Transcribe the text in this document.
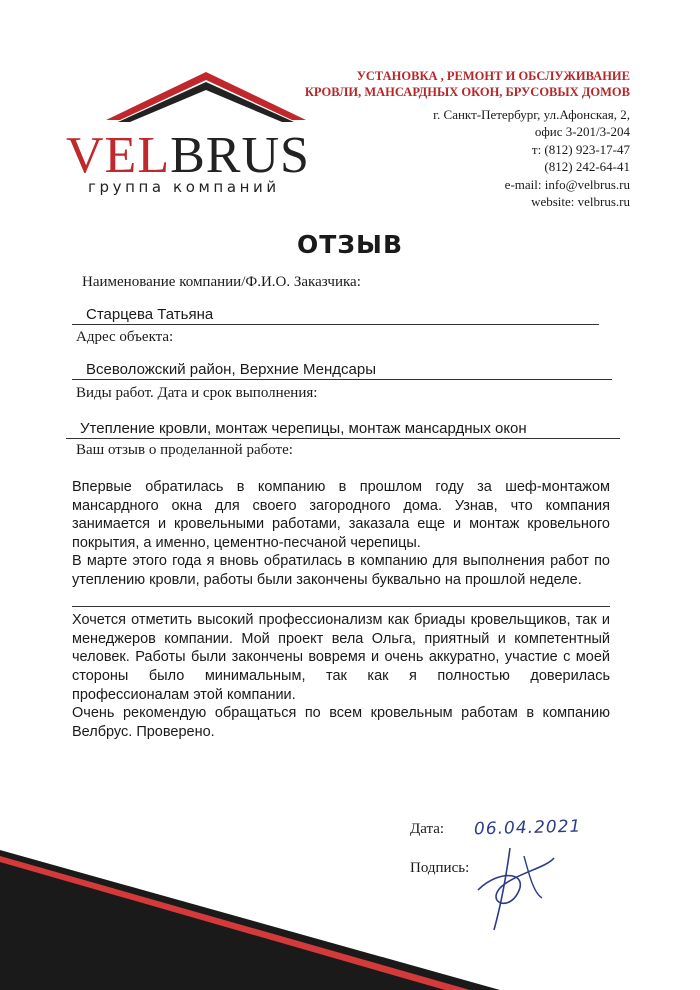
VELBRUS
группа компаний
УСТАНОВКА , РЕМОНТ И ОБСЛУЖИВАНИЕ
КРОВЛИ, МАНСАРДНЫХ ОКОН, БРУСОВЫХ ДОМОВ
г. Санкт-Петербург, ул.Афонская, 2,
офис 3-201/3-204
т: (812) 923-17-47
(812) 242-64-41
e-mail: info@velbrus.ru
website: velbrus.ru
ОТЗЫВ
Наименование компании/Ф.И.О. Заказчика:
Старцева Татьяна
Адрес объекта:
Всеволожский район, Верхние Мендсары
Виды работ. Дата и срок выполнения:
Утепление кровли, монтаж черепицы, монтаж мансардных окон
Ваш отзыв о проделанной работе:
Впервые обратилась в компанию в прошлом году за шеф-монтажом мансардного окна для своего загородного дома. Узнав, что компания занимается и кровельными работами, заказала еще и монтаж кровельного покрытия, а именно, цементно-песчаной черепицы.
В марте этого года я вновь обратилась в компанию для выполнения работ по утеплению кровли, работы были закончены буквально на прошлой неделе.
Хочется отметить высокий профессионализм как бриады кровельщиков, так и менеджеров компании. Мой проект вела Ольга, приятный и компетентный человек. Работы были закончены вовремя и очень аккуратно, участие с моей стороны было минимальным, так как я полностью доверилась профессионалам этой компании.
Очень рекомендую обращаться по всем кровельным работам в компанию Велбрус. Проверено.
Дата: 06.04.2021
Подпись:
